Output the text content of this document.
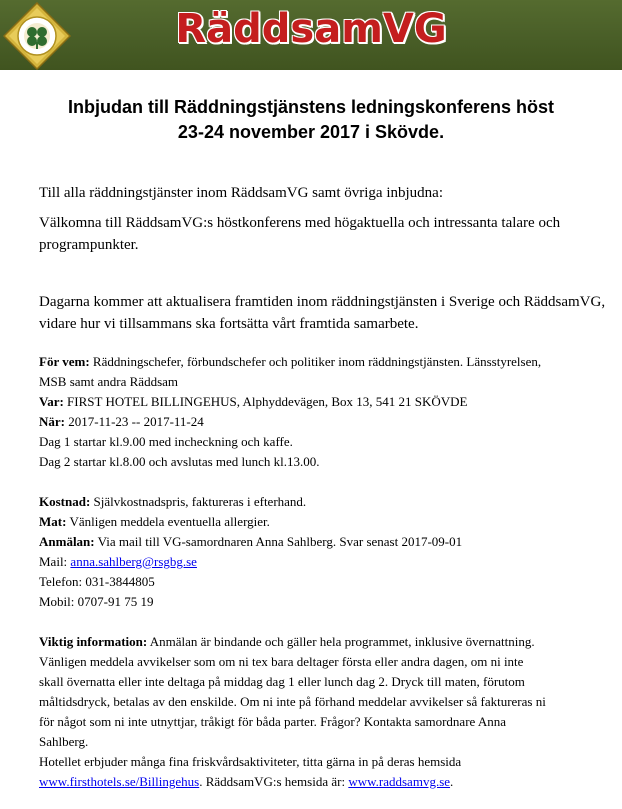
RäddsamVG
Inbjudan till Räddningstjänstens ledningskonferens höst
23-24 november 2017 i Skövde.
Till alla räddningstjänster inom RäddsamVG samt övriga inbjudna:
Välkomna till RäddsamVG:s höstkonferens med högaktuella och intressanta talare och
programpunkter.
Dagarna kommer att aktualisera framtiden inom räddningstjänsten i Sverige och RäddsamVG,
vidare hur vi tillsammans ska fortsätta vårt framtida samarbete.
För vem: Räddningschefer, förbundschefer och politiker inom räddningstjänsten. Länsstyrelsen,
MSB samt andra Räddsam
Var: FIRST HOTEL BILLINGEHUS, Alphyddevägen, Box 13, 541 21 SKÖVDE
När: 2017-11-23 -- 2017-11-24
Dag 1 startar kl.9.00 med incheckning och kaffe.
Dag 2 startar kl.8.00 och avslutas med lunch kl.13.00.
Kostnad: Självkostnadspris, faktureras i efterhand.
Mat: Vänligen meddela eventuella allergier.
Anmälan: Via mail till VG-samordnaren Anna Sahlberg. Svar senast 2017-09-01
Mail: anna.sahlberg@rsgbg.se
Telefon: 031-3844805
Mobil: 0707-91 75 19
Viktig information: Anmälan är bindande och gäller hela programmet, inklusive övernattning.
Vänligen meddela avvikelser som om ni tex bara deltager första eller andra dagen, om ni inte
skall övernatta eller inte deltaga på middag dag 1 eller lunch dag 2. Dryck till maten, förutom
måltidsdryck, betalas av den enskilde. Om ni inte på förhand meddelar avvikelser så faktureras ni
för något som ni inte utnyttjar, tråkigt för båda parter. Frågor? Kontakta samordnare Anna
Sahlberg.
Hotellet erbjuder många fina friskvårdsaktiviteter, titta gärna in på deras hemsida
www.firsthotels.se/Billingehus. RäddsamVG:s hemsida är: www.raddsamvg.se.
